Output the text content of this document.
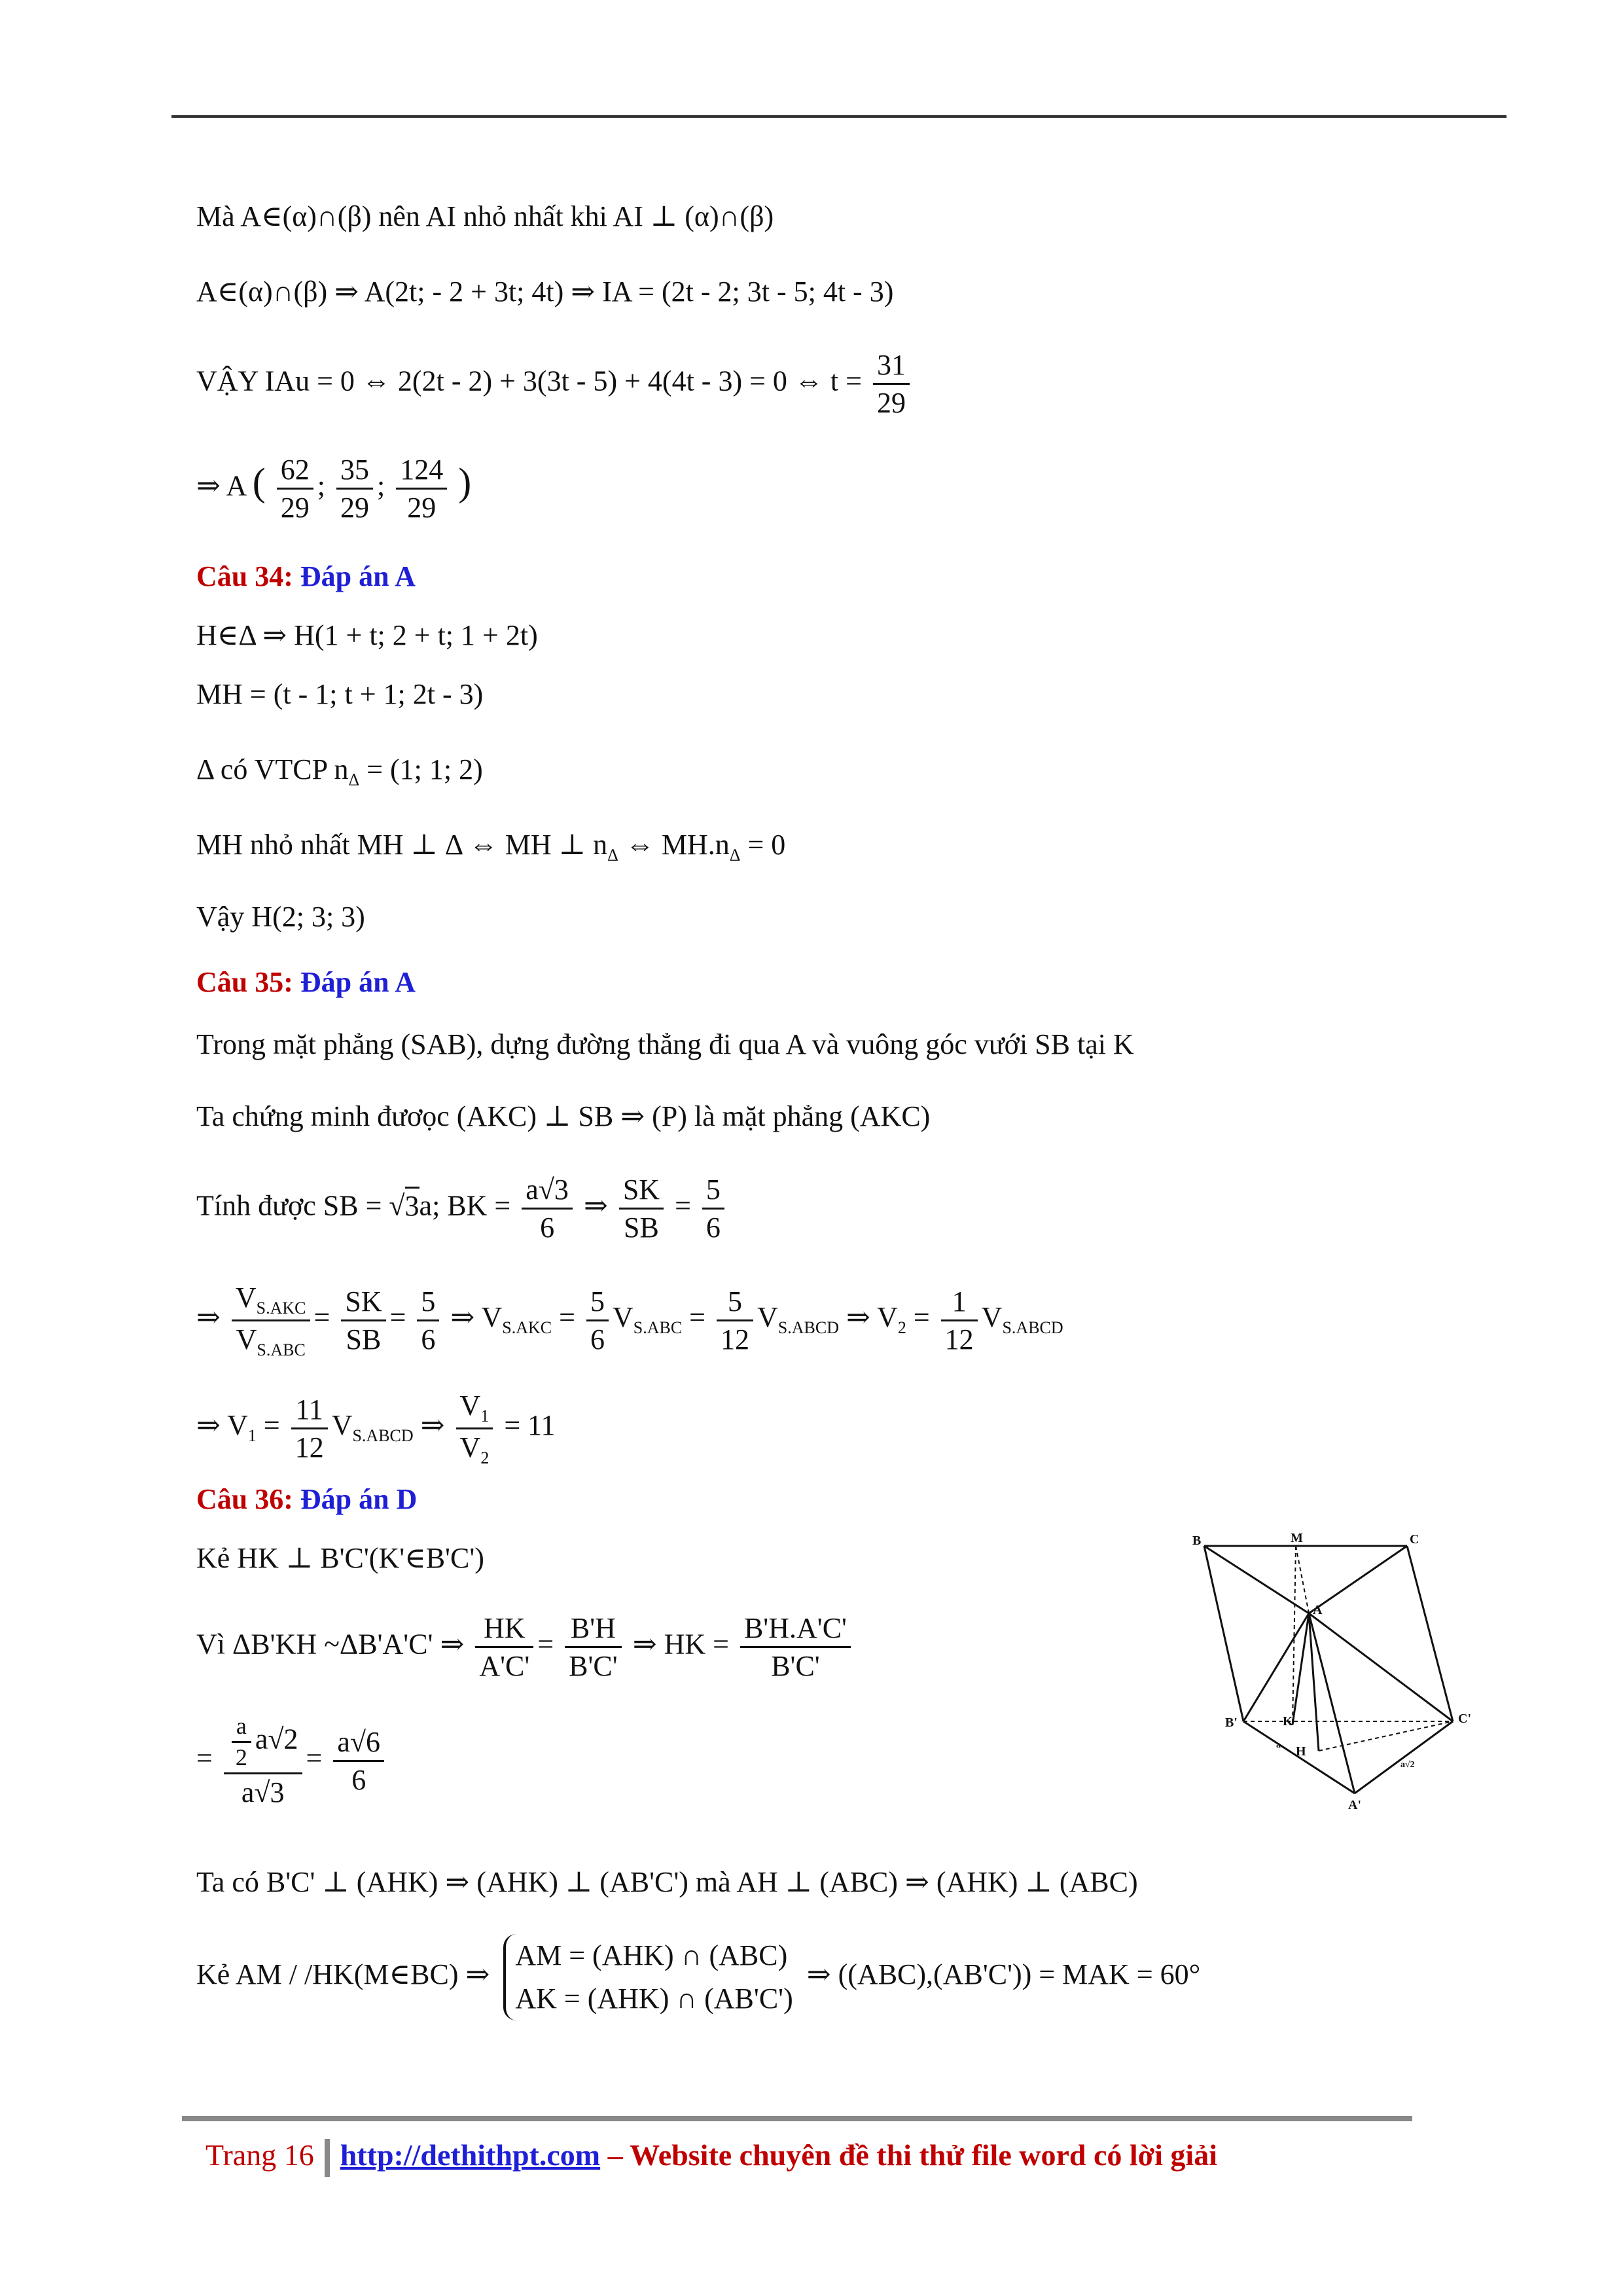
Mà A∈(α)∩(β) nên AI nhỏ nhất khi AI ⊥ (α)∩(β)
A∈(α)∩(β) ⇒ A(2t; - 2 + 3t; 4t) ⇒ IA = (2t - 2; 3t - 5; 4t - 3)
VẬY IAu = 0 ⇔ 2(2t - 2) + 3(3t - 5) + 4(4t - 3) = 0 ⇔ $t = \frac{31}{29}$
⇒ A ( $\frac{62}{29}$ ; $\frac{35}{29}$ ; $\frac{124}{29}$ )
Câu 34: Đáp án A
H∈Δ ⇒ H(1 + t; 2 + t; 1 + 2t)
MH = (t - 1; t + 1; 2t - 3)
Δ có VTCP $n_\Delta = (1$; 1; 2)
MH nhỏ nhất MH ⊥ Δ ⇔ MH ⊥ $n_\Delta$ ⇔ $MH.n_\Delta = 0$
Vậy H(2; 3; 3)
Câu 35: Đáp án A
Trong mặt phẳng (SAB), dựng đường thẳng đi qua A và vuông góc vưới SB tại K
Ta chứng minh đươọc (AKC) ⊥ SB ⇒ (P) là mặt phẳng (AKC)
Tính được SB = √3a; BK = $\frac{a√3}{6}$ ⇒ $\frac{SK}{SB} = \frac{5}{6}$
⇒ $\frac{V_{S.AKC}}{V_{S.ABC}} = \frac{SK}{SB} = \frac{5}{6}$ ⇒ $V_{S.AKC} = \frac{5}{6} V_{S.ABC} = \frac{5}{12} V_{S.ABCD}$ ⇒ $V_2 = \frac{1}{12} V_{S.ABCD}$
⇒ $V_1 = \frac{11}{12} V_{S.ABCD}$ ⇒ $\frac{V_1}{V_2} = 11$
Câu 36: Đáp án D
Kẻ HK ⊥ B'C'(K'∈B'C')
Vì ΔB'KH ~ΔB'A'C' ⇒ $\frac{HK}{A'C'} = \frac{B'H}{B'C'}$ ⇒ HK = $\frac{B'H.A'C'}{B'C'}$
= $\frac{\frac{a}{2} a√2}{a√3} = \frac{a√6}{6}$
Ta có B'C' ⊥ (AHK) ⇒ (AHK) ⊥ (AB'C') mà AH ⊥ (ABC) ⇒ (AHK) ⊥ (ABC)
Kẻ AM / /HK(M∈BC) ⇒
AM = (AHK) ∩ (ABC)
AK = (AHK) ∩ (AB'C')
⇒ ((ABC),(AB'C')) = MAK = 60°
B	M	C
A
B'	K
H
C'
A'
a
a√2
Trang 16 http://dethithpt.com – Website chuyên đề thi thử file word có lời giải
